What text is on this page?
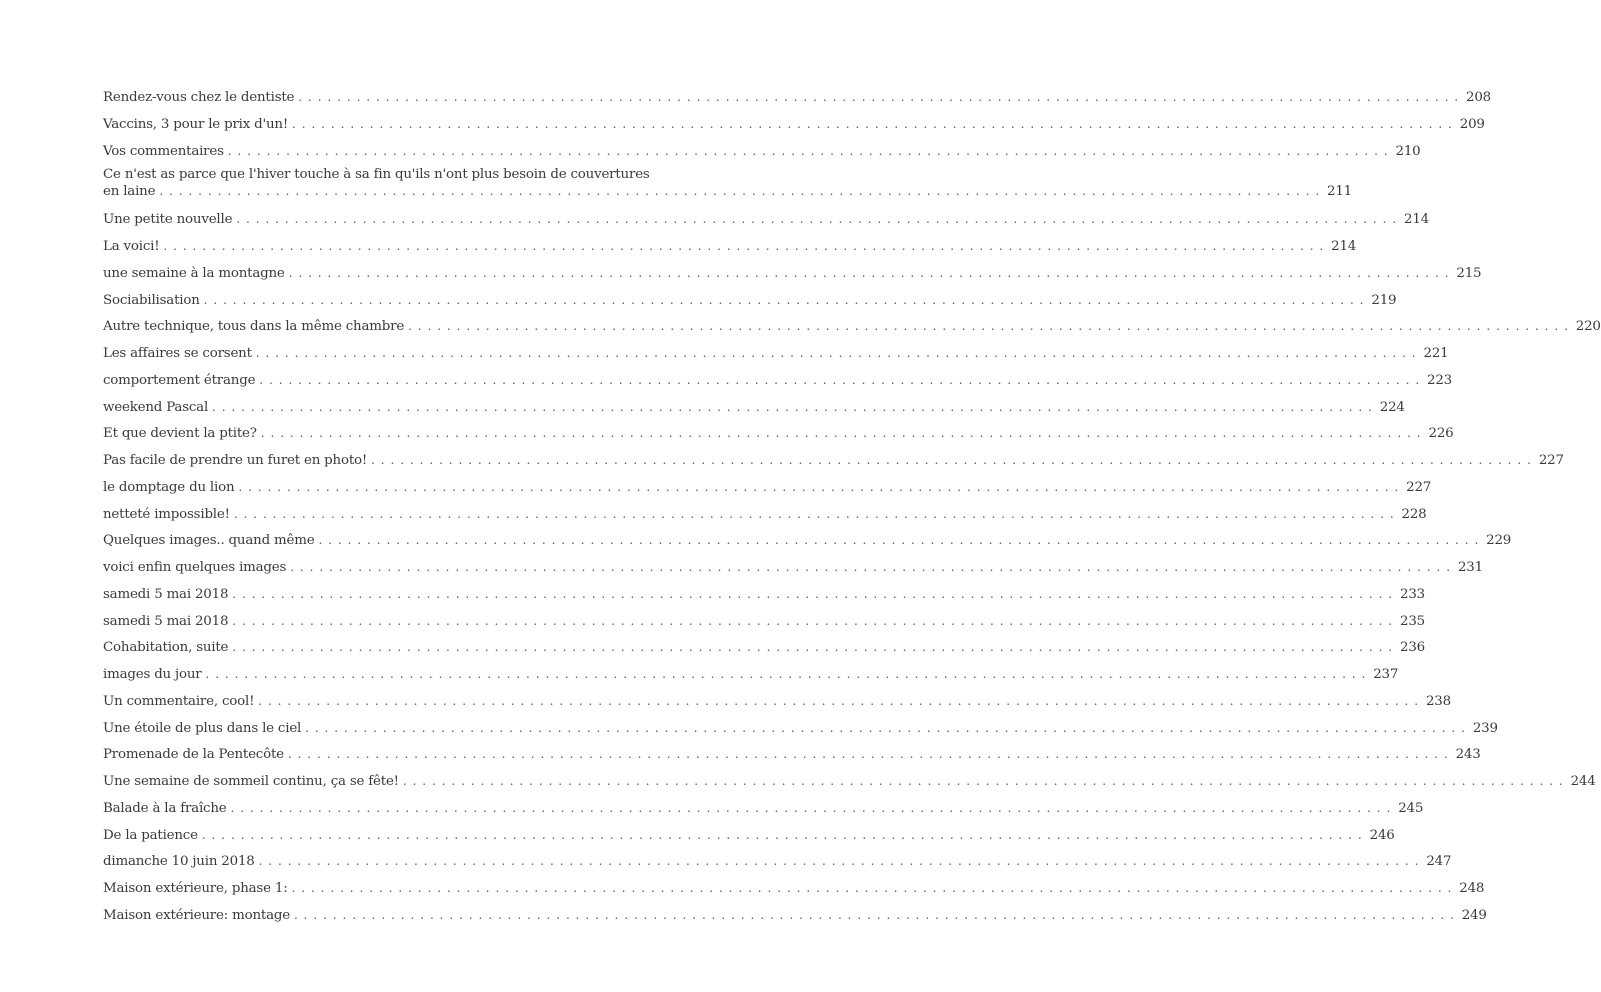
Rendez-vous chez le dentiste ........................................................................................................................ 208
Vaccins, 3 pour le prix d'un! ........................................................................................................................ 209
Vos commentaires ........................................................................................................................ 210
Ce n'est as parce que l'hiver touche à sa fin qu'ils n'ont plus besoin de couvertures
en laine ........................................................................................................................ 211
Une petite nouvelle ........................................................................................................................ 214
La voici! ........................................................................................................................ 214
une semaine à la montagne ........................................................................................................................ 215
Sociabilisation ........................................................................................................................ 219
Autre technique, tous dans la même chambre ........................................................................................................................ 220
Les affaires se corsent ........................................................................................................................ 221
comportement étrange ........................................................................................................................ 223
weekend Pascal ........................................................................................................................ 224
Et que devient la ptite? ........................................................................................................................ 226
Pas facile de prendre un furet en photo! ........................................................................................................................ 227
le domptage du lion ........................................................................................................................ 227
netteté impossible! ........................................................................................................................ 228
Quelques images.. quand même ........................................................................................................................ 229
voici enfin quelques images ........................................................................................................................ 231
samedi 5 mai 2018 ........................................................................................................................ 233
samedi 5 mai 2018 ........................................................................................................................ 235
Cohabitation, suite ........................................................................................................................ 236
images du jour ........................................................................................................................ 237
Un commentaire, cool! ........................................................................................................................ 238
Une étoile de plus dans le ciel ........................................................................................................................ 239
Promenade de la Pentecôte ........................................................................................................................ 243
Une semaine de sommeil continu, ça se fête! ........................................................................................................................ 244
Balade à la fraîche ........................................................................................................................ 245
De la patience ........................................................................................................................ 246
dimanche 10 juin 2018 ........................................................................................................................ 247
Maison extérieure, phase 1: ........................................................................................................................ 248
Maison extérieure: montage ........................................................................................................................ 249
